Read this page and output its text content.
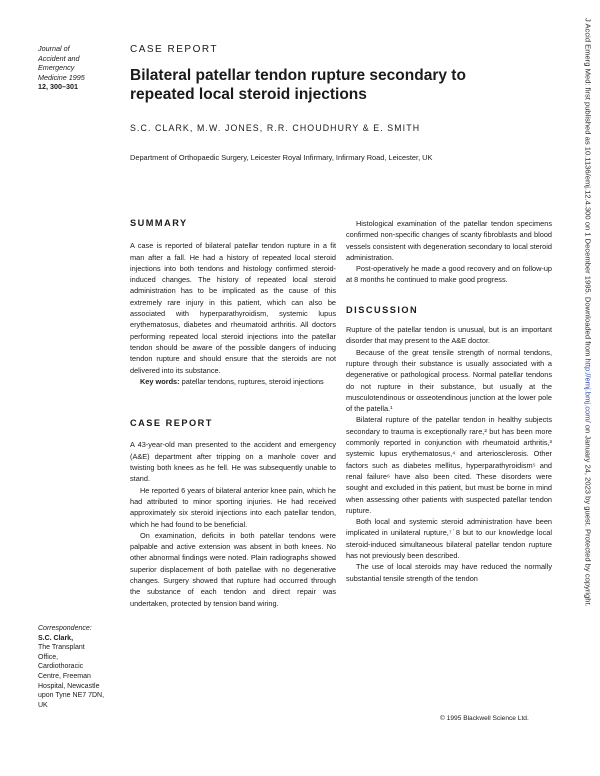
Journal of
Accident and
Emergency
Medicine 1995
12, 300–301
CASE REPORT
Bilateral patellar tendon rupture secondary to repeated local steroid injections
S.C. CLARK, M.W. JONES, R.R. CHOUDHURY & E. SMITH
Department of Orthopaedic Surgery, Leicester Royal Infirmary, Infirmary Road, Leicester, UK
SUMMARY

A case is reported of bilateral patellar tendon rupture in a fit man after a fall. He had a history of repeated local steroid injections into both tendons and histology confirmed steroid-induced changes. The history of repeated local steroid administration has to be implicated as the cause of this extremely rare injury in this patient, which can also be associated with hyperparathyroidism, systemic lupus erythematosus, diabetes and rheumatoid arthritis. All doctors performing repeated local steroid injections into the patellar tendon should be aware of the possible dangers of inducing tendon rupture and should ensure that the steroids are not delivered into its substance.

Key words: patellar tendons, ruptures, steroid injections

CASE REPORT

A 43-year-old man presented to the accident and emergency (A&E) department after tripping on a manhole cover and twisting both knees as he fell. He was subsequently unable to stand.

He reported 6 years of bilateral anterior knee pain, which he had attributed to minor sporting injuries. He had received approximately six steroid injections into each patellar tendon, which he had found to be beneficial.

On examination, deficits in both patellar tendons were palpable and active extension was absent in both knees. No other abnormal findings were noted. Plain radiographs showed superior displacement of both patellae with no degenerative changes. Surgery showed that rupture had occurred through the substance of each tendon and direct repair was undertaken, protected by tension band wiring.

Histological examination of the patellar tendon specimens confirmed non-specific changes of scanty fibroblasts and blood vessels consistent with degeneration secondary to local steroid administration.

Post-operatively he made a good recovery and on follow-up at 8 months he continued to make good progress.

DISCUSSION

Rupture of the patellar tendon is unusual, but is an important disorder that may present to the A&E doctor.

Because of the great tensile strength of normal tendons, rupture through their substance is usually associated with a degenerative or pathological process. Normal patellar tendons do not rupture in their substance, but usually at the musculotendinous or osseotendinous junction at the lower pole of the patella.¹

Bilateral rupture of the patellar tendon in healthy subjects secondary to trauma is exceptionally rare,² but has been more commonly reported in conjunction with rheumatoid arthritis,³ systemic lupus erythematosus,⁴ and arteriosclerosis. Other factors such as diabetes mellitus, hyperparathyroidism⁵ and renal failure⁶ have also been cited. These disorders were sought and excluded in this patient, but must be borne in mind when assessing other patients with suspected patellar tendon rupture.

Both local and systemic steroid administration have been implicated in unilateral rupture,⁷˙8 but to our knowledge local steroid-induced simultaneous bilateral patellar tendon rupture has not previously been described.

The use of local steroids may have reduced the normally substantial tensile strength of the tendon

Correspondence:
S.C. Clark,
The Transplant
Office,
Cardiothoracic
Centre, Freeman
Hospital, Newcastle
upon Tyne NE7 7DN,
UK
© 1995 Blackwell Science Ltd.
J Accid Emerg Med: first published as 10.1136/emj.12.4.300 on 1 December 1995. Downloaded from http://emj.bmj.com/ on January 24, 2023 by guest. Protected by copyright.
